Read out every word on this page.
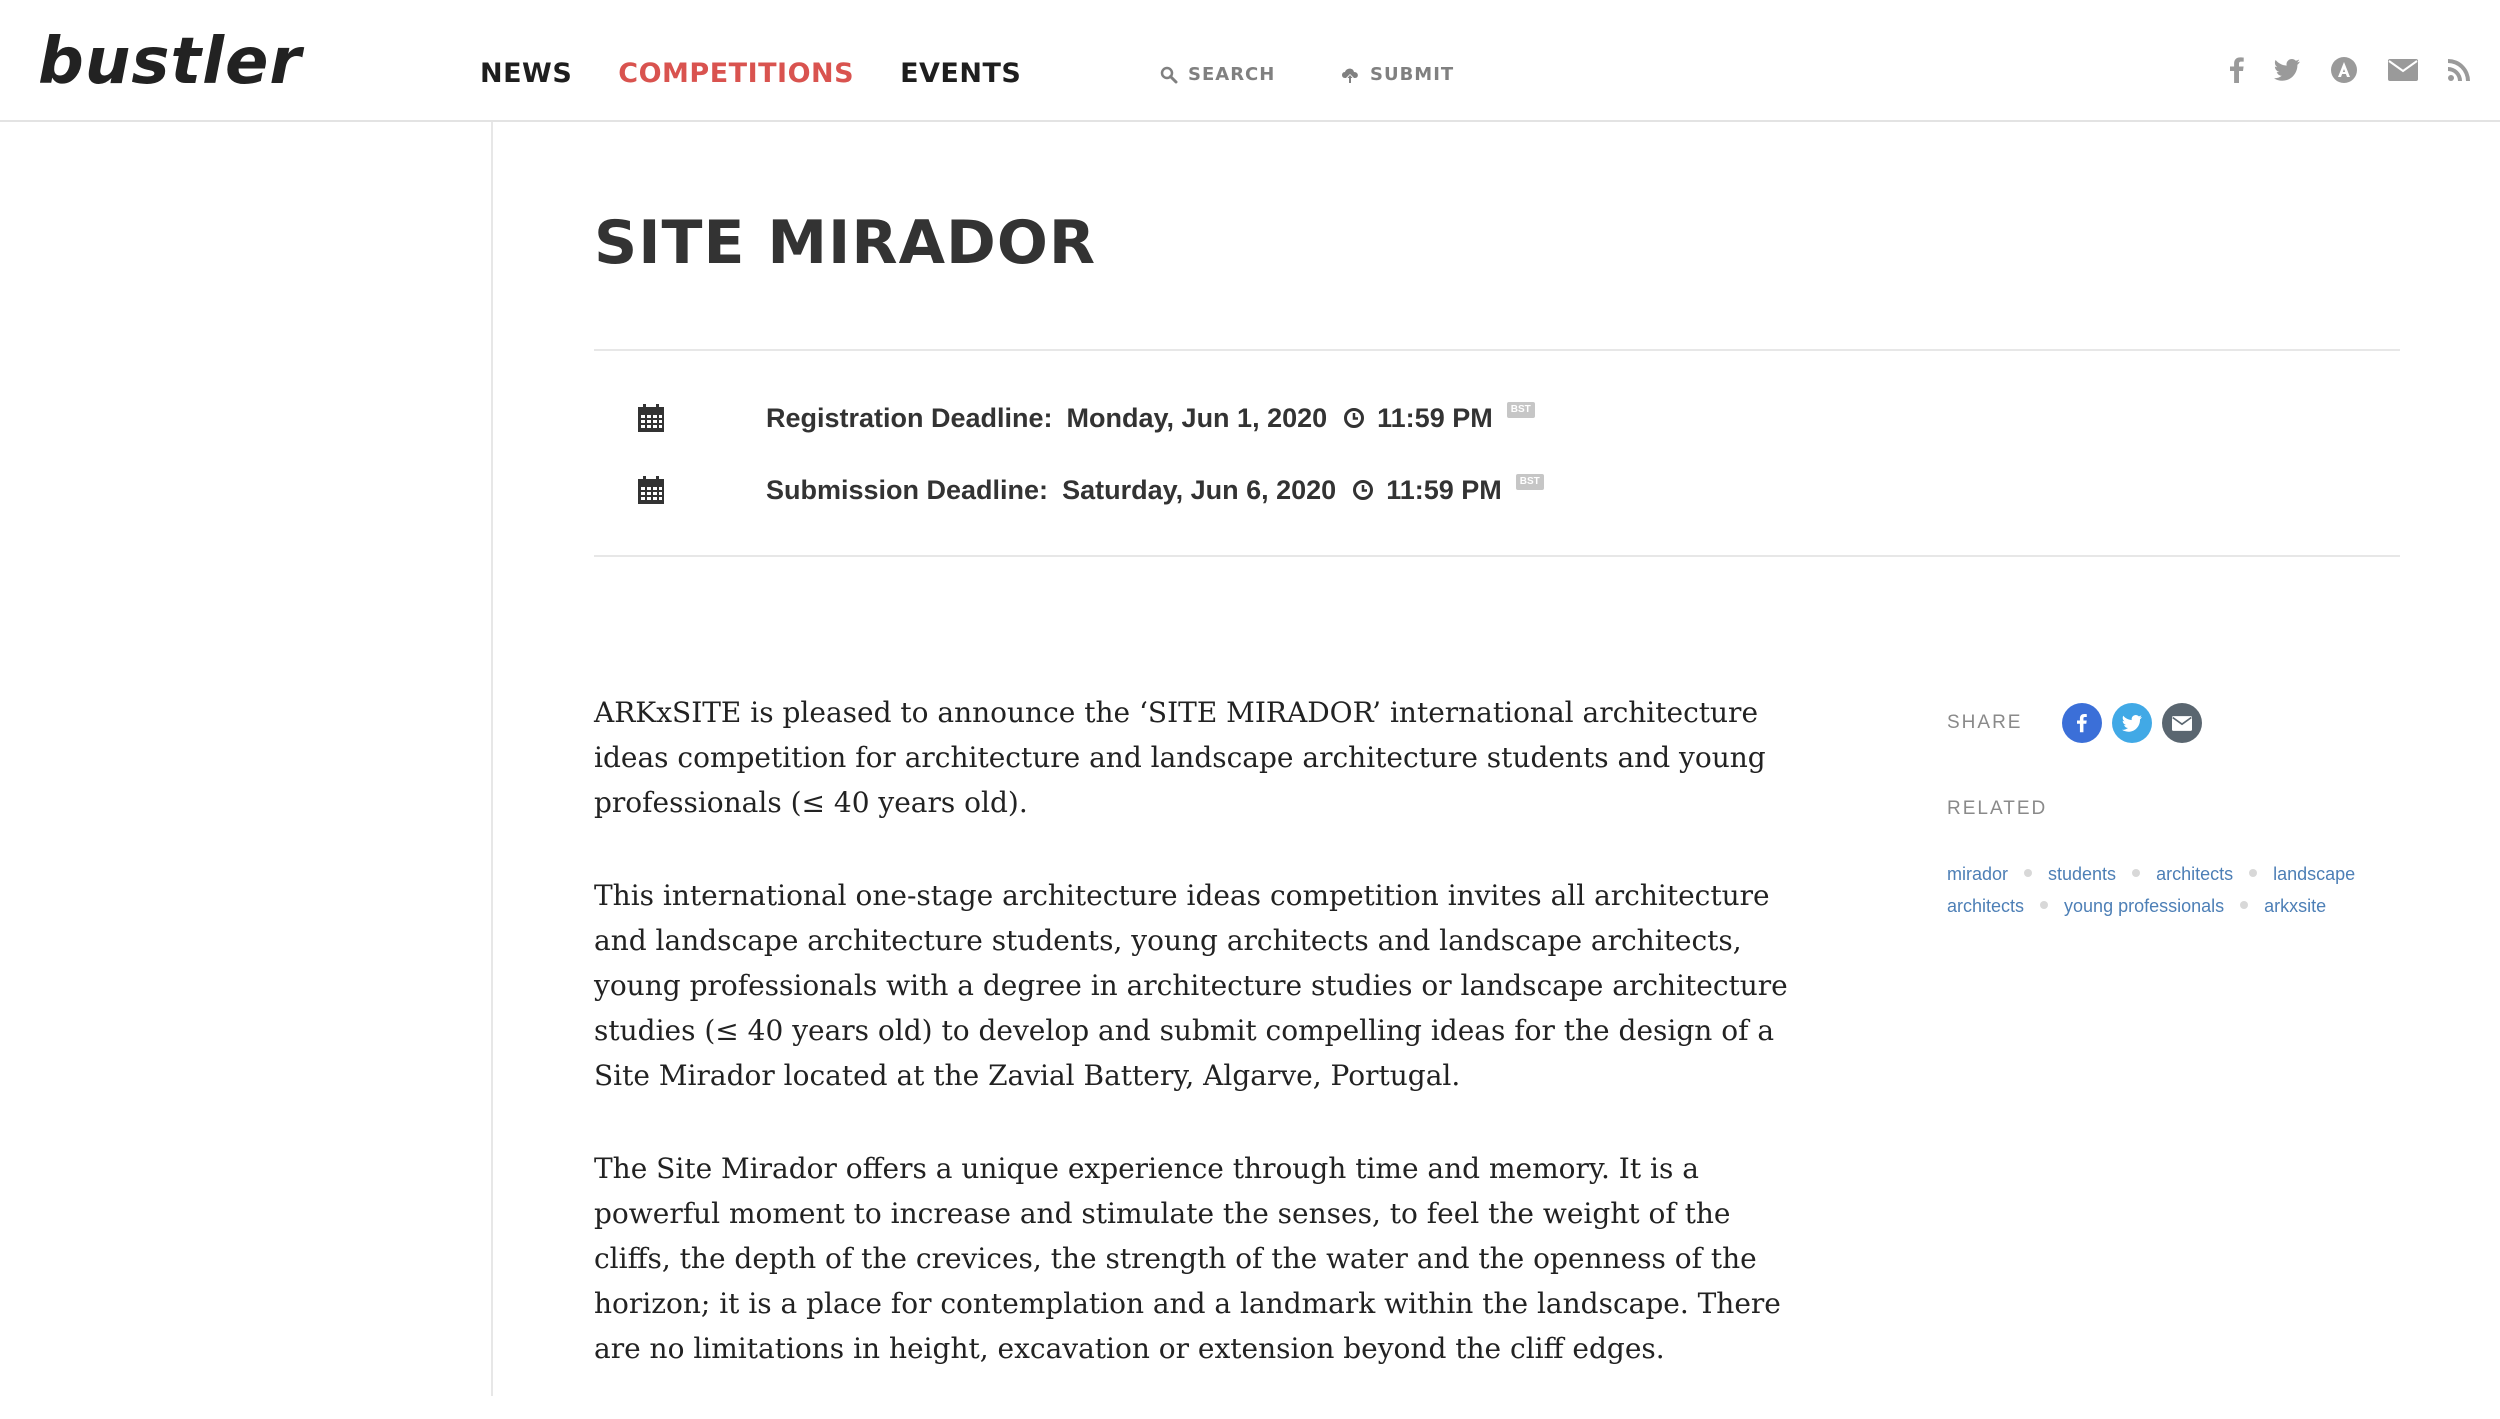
bustler	NEWS COMPETITIONS EVENTS	SEARCH	SUBMIT
SITE MIRADOR
Registration Deadline: Monday, Jun 1, 2020 11:59 PM	BST
Submission Deadline: Saturday, Jun 6, 2020 11:59 PM	BST

ARKxSITE is pleased to announce the ‘SITE MIRADOR’ international architecture ideas competition for architecture and landscape architecture students and young professionals (≤ 40 years old).

This international one-stage architecture ideas competition invites all architecture and landscape architecture students, young architects and landscape architects, young professionals with a degree in architecture studies or landscape architecture studies (≤ 40 years old) to develop and submit compelling ideas for the design of a Site Mirador located at the Zavial Battery, Algarve, Portugal.

The Site Mirador offers a unique experience through time and memory. It is a powerful moment to increase and stimulate the senses, to feel the weight of the cliffs, the depth of the crevices, the strength of the water and the openness of the horizon; it is a place for contemplation and a landmark within the landscape. There are no limitations in height, excavation or extension beyond the cliff edges.

SHARE
RELATED
mirador students architects landscape architects young professionals arkxsite
